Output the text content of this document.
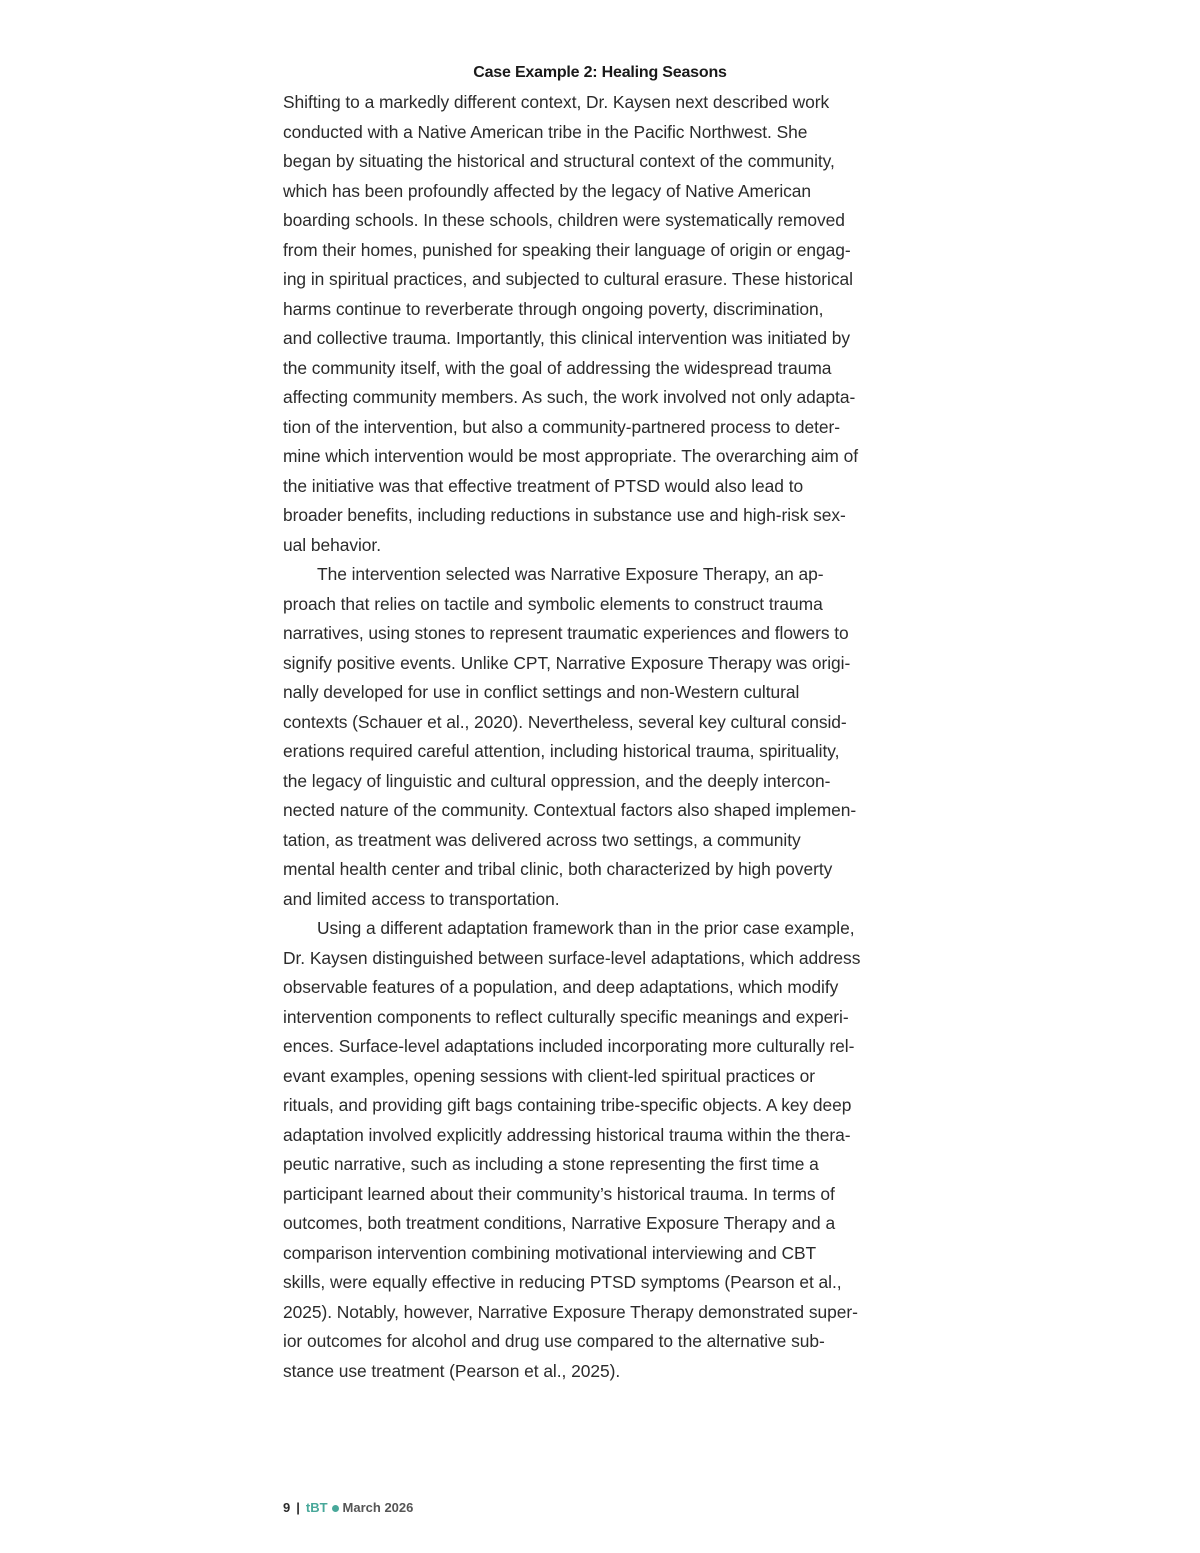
Case Example 2: Healing Seasons
Shifting to a markedly different context, Dr. Kaysen next described work
conducted with a Native American tribe in the Pacific Northwest. She
began by situating the historical and structural context of the community,
which has been profoundly affected by the legacy of Native American
boarding schools. In these schools, children were systematically removed
from their homes, punished for speaking their language of origin or engag-
ing in spiritual practices, and subjected to cultural erasure. These historical
harms continue to reverberate through ongoing poverty, discrimination,
and collective trauma. Importantly, this clinical intervention was initiated by
the community itself, with the goal of addressing the widespread trauma
affecting community members. As such, the work involved not only adapta-
tion of the intervention, but also a community-partnered process to deter-
mine which intervention would be most appropriate. The overarching aim of
the initiative was that effective treatment of PTSD would also lead to
broader benefits, including reductions in substance use and high-risk sex-
ual behavior.
The intervention selected was Narrative Exposure Therapy, an ap-
proach that relies on tactile and symbolic elements to construct trauma
narratives, using stones to represent traumatic experiences and flowers to
signify positive events. Unlike CPT, Narrative Exposure Therapy was origi-
nally developed for use in conflict settings and non-Western cultural
contexts (Schauer et al., 2020). Nevertheless, several key cultural consid-
erations required careful attention, including historical trauma, spirituality,
the legacy of linguistic and cultural oppression, and the deeply intercon-
nected nature of the community. Contextual factors also shaped implemen-
tation, as treatment was delivered across two settings, a community
mental health center and tribal clinic, both characterized by high poverty
and limited access to transportation.
Using a different adaptation framework than in the prior case example,
Dr. Kaysen distinguished between surface-level adaptations, which address
observable features of a population, and deep adaptations, which modify
intervention components to reflect culturally specific meanings and experi-
ences. Surface-level adaptations included incorporating more culturally rel-
evant examples, opening sessions with client-led spiritual practices or
rituals, and providing gift bags containing tribe-specific objects. A key deep
adaptation involved explicitly addressing historical trauma within the thera-
peutic narrative, such as including a stone representing the first time a
participant learned about their community’s historical trauma. In terms of
outcomes, both treatment conditions, Narrative Exposure Therapy and a
comparison intervention combining motivational interviewing and CBT
skills, were equally effective in reducing PTSD symptoms (Pearson et al.,
2025). Notably, however, Narrative Exposure Therapy demonstrated super-
ior outcomes for alcohol and drug use compared to the alternative sub-
stance use treatment (Pearson et al., 2025).
9 | tBT March 2026
